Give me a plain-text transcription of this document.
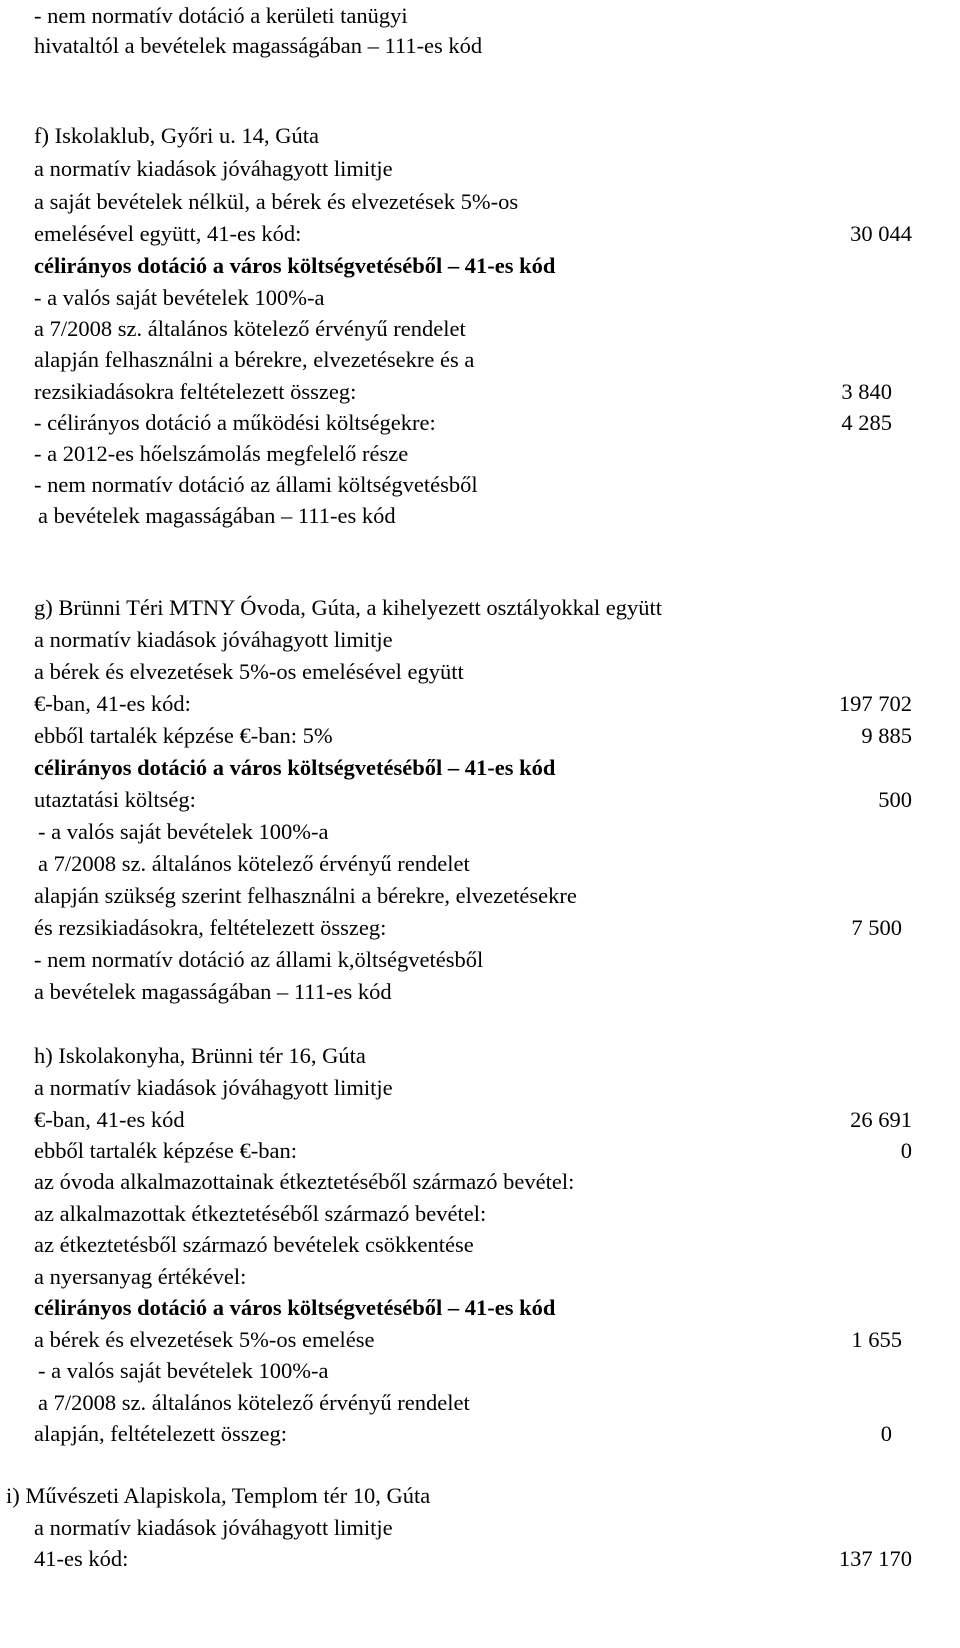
- nem normatív dotáció a kerületi tanügyi
hivataltól a bevételek magasságában – 111-es kód
f) Iskolaklub, Győri u. 14, Gúta
a normatív kiadások jóváhagyott limitje
a saját bevételek nélkül, a bérek és elvezetések 5%-os
emelésével együtt, 41-es kód:	30 044
célirányos dotáció a város költségvetéséből – 41-es kód
- a valós saját bevételek 100%-a
a 7/2008 sz. általános kötelező érvényű rendelet
alapján felhasználni a bérekre, elvezetésekre és a
rezsikiadásokra feltételezett összeg:	3 840
- célirányos dotáció a működési költségekre:	4 285
- a 2012-es hőelszámolás megfelelő része
- nem normatív dotáció az állami költségvetésből
a bevételek magasságában – 111-es kód
g) Brünni Téri MTNY Óvoda, Gúta, a kihelyezett osztályokkal együtt
a normatív kiadások jóváhagyott limitje
a bérek és elvezetések 5%-os emelésével együtt
€-ban, 41-es kód:	197 702
ebből tartalék képzése €-ban: 5%	9 885
célirányos dotáció a város költségvetéséből – 41-es kód
utaztatási költség:	500
- a valós saját bevételek 100%-a
a 7/2008 sz. általános kötelező érvényű rendelet
alapján szükség szerint felhasználni a bérekre, elvezetésekre
és rezsikiadásokra, feltételezett összeg:	7 500
- nem normatív dotáció az állami k,öltségvetésből
a bevételek magasságában – 111-es kód
h) Iskolakonyha, Brünni tér 16, Gúta
a normatív kiadások jóváhagyott limitje
€-ban, 41-es kód	26 691
ebből tartalék képzése €-ban:	0
az óvoda alkalmazottainak étkeztetéséből származó bevétel:
az alkalmazottak étkeztetéséből származó bevétel:
az étkeztetésből származó bevételek csökkentése
a nyersanyag értékével:
célirányos dotáció a város költségvetéséből – 41-es kód
a bérek és elvezetések 5%-os emelése	1 655
- a valós saját bevételek 100%-a
a 7/2008 sz. általános kötelező érvényű rendelet
alapján, feltételezett összeg:	0
i) Művészeti Alapiskola, Templom tér 10, Gúta
a normatív kiadások jóváhagyott limitje
41-es kód:	137 170
